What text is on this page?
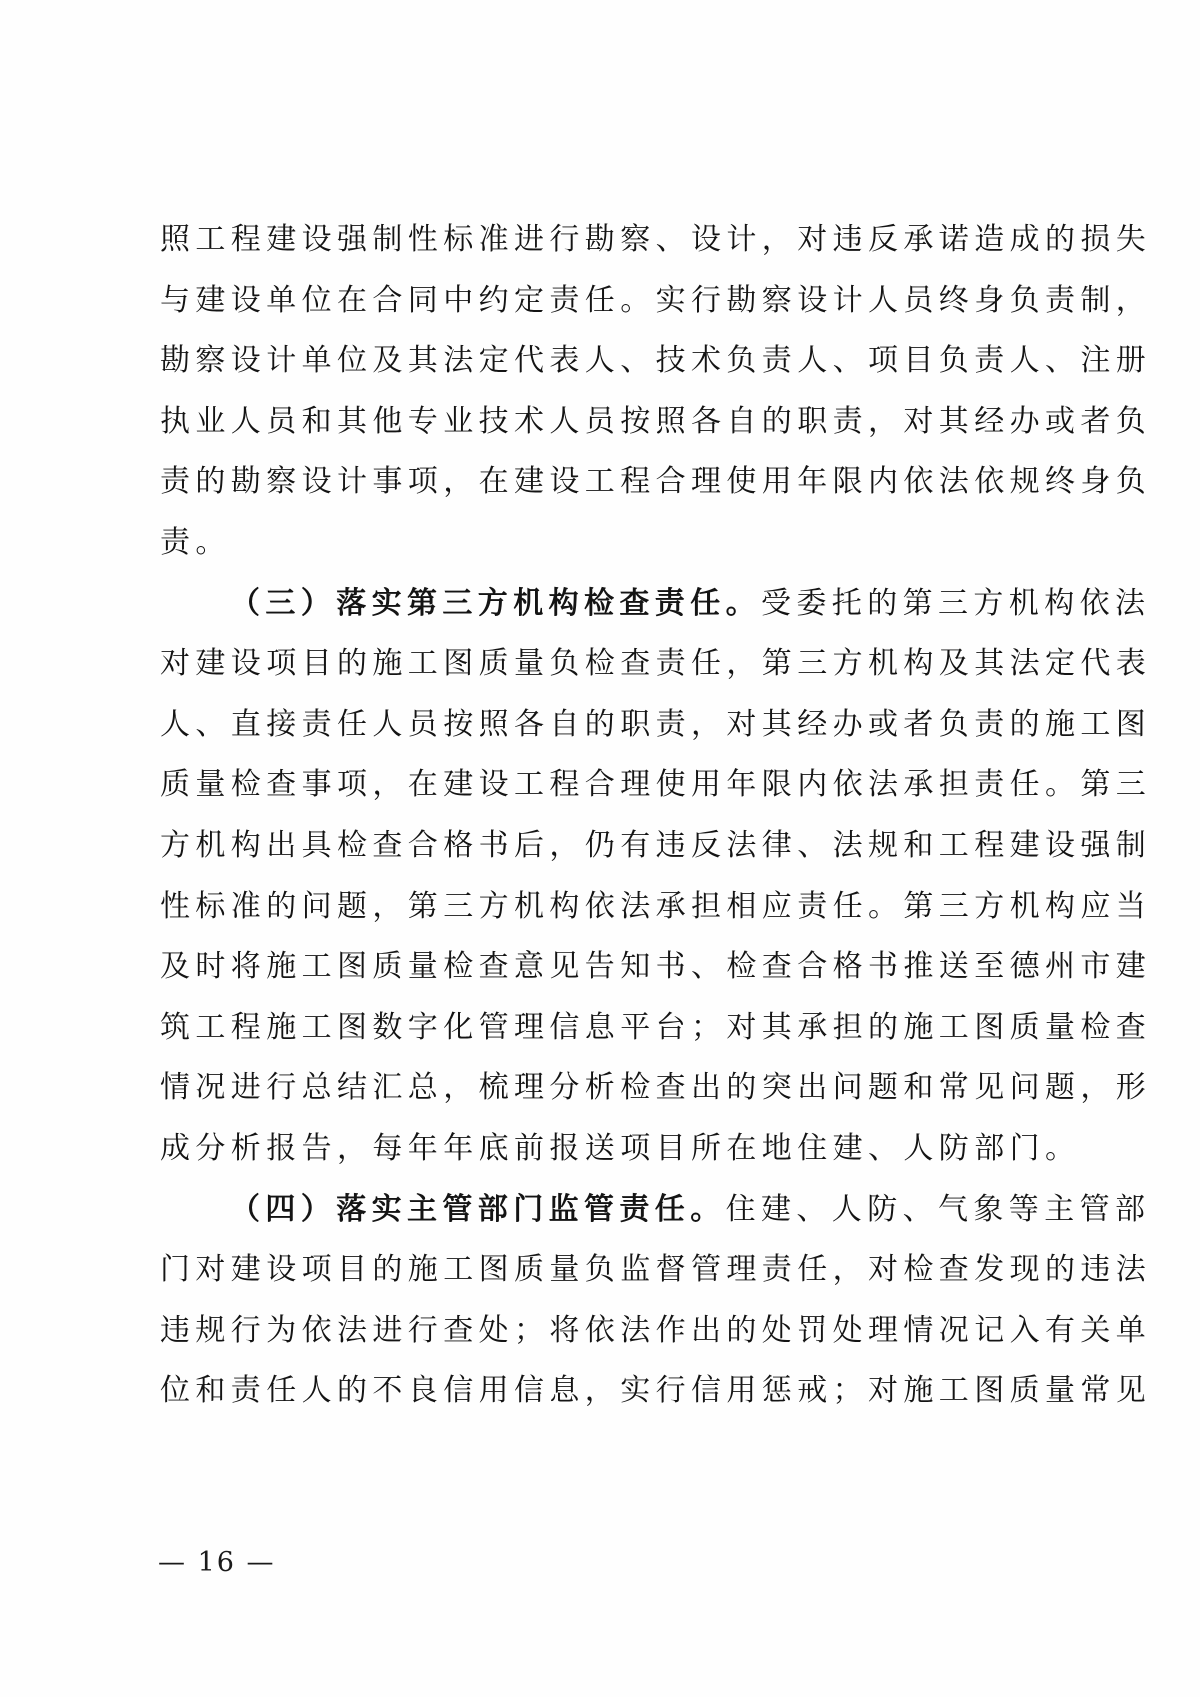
照工程建设强制性标准进行勘察、设计，对违反承诺造成的损失
与建设单位在合同中约定责任。实行勘察设计人员终身负责制，
勘察设计单位及其法定代表人、技术负责人、项目负责人、注册
执业人员和其他专业技术人员按照各自的职责，对其经办或者负
责的勘察设计事项，在建设工程合理使用年限内依法依规终身负
责。
（三）落实第三方机构检查责任。受委托的第三方机构依法
对建设项目的施工图质量负检查责任，第三方机构及其法定代表
人、直接责任人员按照各自的职责，对其经办或者负责的施工图
质量检查事项，在建设工程合理使用年限内依法承担责任。第三
方机构出具检查合格书后，仍有违反法律、法规和工程建设强制
性标准的问题，第三方机构依法承担相应责任。第三方机构应当
及时将施工图质量检查意见告知书、检查合格书推送至德州市建
筑工程施工图数字化管理信息平台；对其承担的施工图质量检查
情况进行总结汇总，梳理分析检查出的突出问题和常见问题，形
成分析报告，每年年底前报送项目所在地住建、人防部门。
（四）落实主管部门监管责任。住建、人防、气象等主管部
门对建设项目的施工图质量负监督管理责任，对检查发现的违法
违规行为依法进行查处；将依法作出的处罚处理情况记入有关单
位和责任人的不良信用信息，实行信用惩戒；对施工图质量常见
— 16 —
